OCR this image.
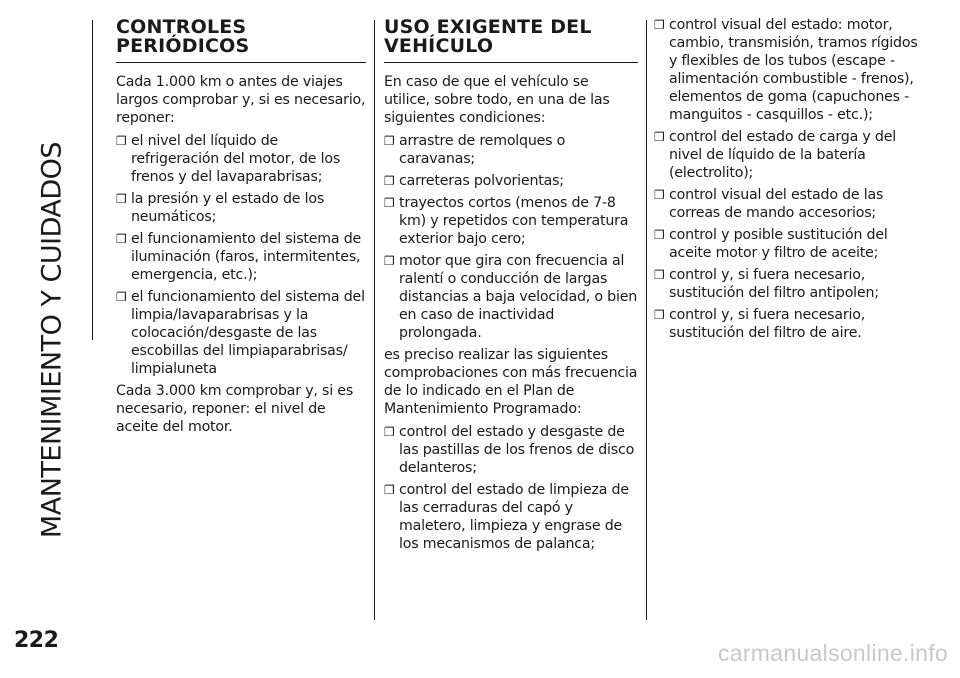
MANTENIMIENTO Y CUIDADOS
222
CONTROLES
PERIÓDICOS

Cada 1.000 km o antes de viajes largos comprobar y, si es necesario, reponer:

❒ el nivel del líquido de refrigeración del motor, de los frenos y del lavaparabrisas;
❒ la presión y el estado de los neumáticos;
❒ el funcionamiento del sistema de iluminación (faros, intermitentes, emergencia, etc.);
❒ el funcionamiento del sistema del limpia/lavaparabrisas y la colocación/desgaste de las escobillas del limpiaparabrisas/ limpialuneta

Cada 3.000 km comprobar y, si es necesario, reponer: el nivel de aceite del motor.

USO EXIGENTE DEL
VEHÍCULO

En caso de que el vehículo se utilice, sobre todo, en una de las siguientes condiciones:

❒ arrastre de remolques o caravanas;
❒ carreteras polvorientas;
❒ trayectos cortos (menos de 7-8 km) y repetidos con temperatura exterior bajo cero;
❒ motor que gira con frecuencia al ralentí o conducción de largas distancias a baja velocidad, o bien en caso de inactividad prolongada.

es preciso realizar las siguientes comprobaciones con más frecuencia de lo indicado en el Plan de Mantenimiento Programado:

❒ control del estado y desgaste de las pastillas de los frenos de disco delanteros;
❒ control del estado de limpieza de las cerraduras del capó y maletero, limpieza y engrase de los mecanismos de palanca;
❒ control visual del estado: motor, cambio, transmisión, tramos rígidos y flexibles de los tubos (escape - alimentación combustible - frenos), elementos de goma (capuchones - manguitos - casquillos - etc.);
❒ control del estado de carga y del nivel de líquido de la batería (electrolito);
❒ control visual del estado de las correas de mando accesorios;
❒ control y posible sustitución del aceite motor y filtro de aceite;
❒ control y, si fuera necesario, sustitución del filtro antipolen;
❒ control y, si fuera necesario, sustitución del filtro de aire.
carmanualsonline.info
